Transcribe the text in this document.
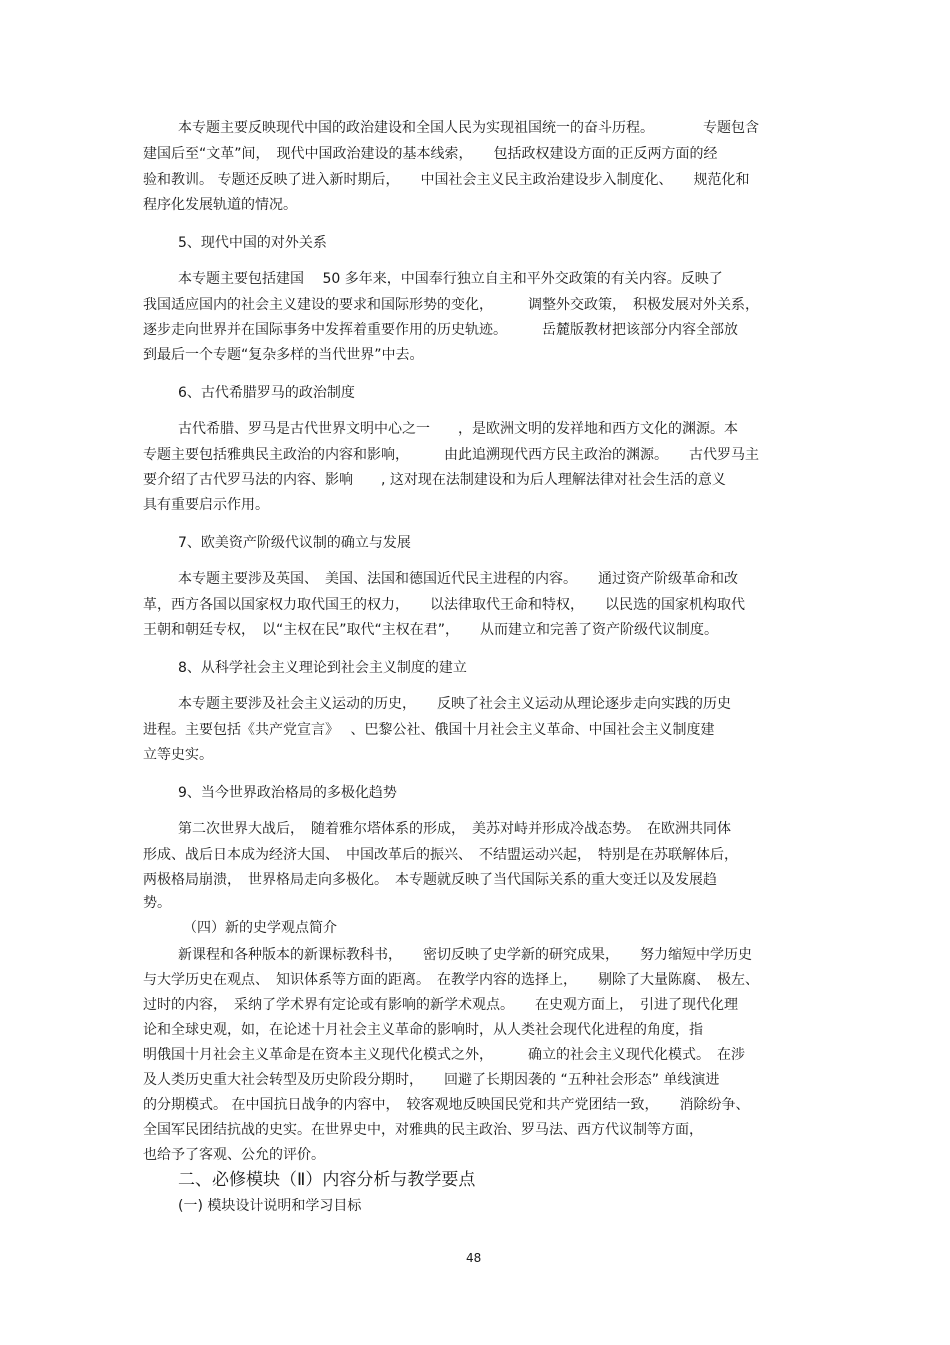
本专题主要反映现代中国的政治建设和全国人民为实现祖国统一的奋斗历程。　　　　专题包含
建国后至“文革”间，　现代中国政治建设的基本线索，　　包括政权建设方面的正反两方面的经
验和教训。 专题还反映了进入新时期后，　　中国社会主义民主政治建设步入制度化、　　规范化和
程序化发展轨道的情况。
5、现代中国的对外关系
本专题主要包括建国　 50 多年来，中国奉行独立自主和平外交政策的有关内容。反映了
我国适应国内的社会主义建设的要求和国际形势的变化，　　　调整外交政策，　积极发展对外关系，
逐步走向世界并在国际事务中发挥着重要作用的历史轨迹。　　　岳麓版教材把该部分内容全部放
到最后一个专题“复杂多样的当代世界”中去。
6、古代希腊罗马的政治制度
古代希腊、罗马是古代世界文明中心之一　　，是欧洲文明的发祥地和西方文化的渊源。本
专题主要包括雅典民主政治的内容和影响，　　　由此追溯现代西方民主政治的渊源。　　古代罗马主
要介绍了古代罗马法的内容、影响　　, 这对现在法制建设和为后人理解法律对社会生活的意义
具有重要启示作用。
7、欧美资产阶级代议制的确立与发展
本专题主要涉及英国、　美国、法国和德国近代民主进程的内容。　　通过资产阶级革命和改
革，西方各国以国家权力取代国王的权力，　　以法律取代王命和特权，　　以民选的国家机构取代
王朝和朝廷专权，　以“主权在民”取代“主权在君”，　　从而建立和完善了资产阶级代议制度。
8、从科学社会主义理论到社会主义制度的建立
本专题主要涉及社会主义运动的历史，　　反映了社会主义运动从理论逐步走向实践的历史
进程。主要包括《共产党宣言》　 、巴黎公社、俄国十月社会主义革命、中国社会主义制度建
立等史实。
9、当今世界政治格局的多极化趋势
第二次世界大战后，　随着雅尔塔体系的形成，　美苏对峙并形成冷战态势。　在欧洲共同体
形成、战后日本成为经济大国、　中国改革后的振兴、　不结盟运动兴起，　特别是在苏联解体后，
两极格局崩溃，　世界格局走向多极化。　本专题就反映了当代国际关系的重大变迁以及发展趋
势。
（四）新的史学观点简介
新课程和各种版本的新课标教科书，　　密切反映了史学新的研究成果，　　努力缩短中学历史
与大学历史在观点、　知识体系等方面的距离。　在教学内容的选择上，　　剔除了大量陈腐、　极左、
过时的内容，　采纳了学术界有定论或有影响的新学术观点。　　在史观方面上，　引进了现代化理
论和全球史观，如，在论述十月社会主义革命的影响时，从人类社会现代化进程的角度，指
明俄国十月社会主义革命是在资本主义现代化模式之外，　　　确立的社会主义现代化模式。　在涉
及人类历史重大社会转型及历史阶段分期时，　　回避了长期因袭的 “五种社会形态” 单线演进
的分期模式。 在中国抗日战争的内容中，　较客观地反映国民党和共产党团结一致，　　消除纷争、
全国军民团结抗战的史实。在世界史中，对雅典的民主政治、罗马法、西方代议制等方面，
也给予了客观、公允的评价。
二、必修模块（Ⅱ）内容分析与教学要点
(一) 模块设计说明和学习目标
48
